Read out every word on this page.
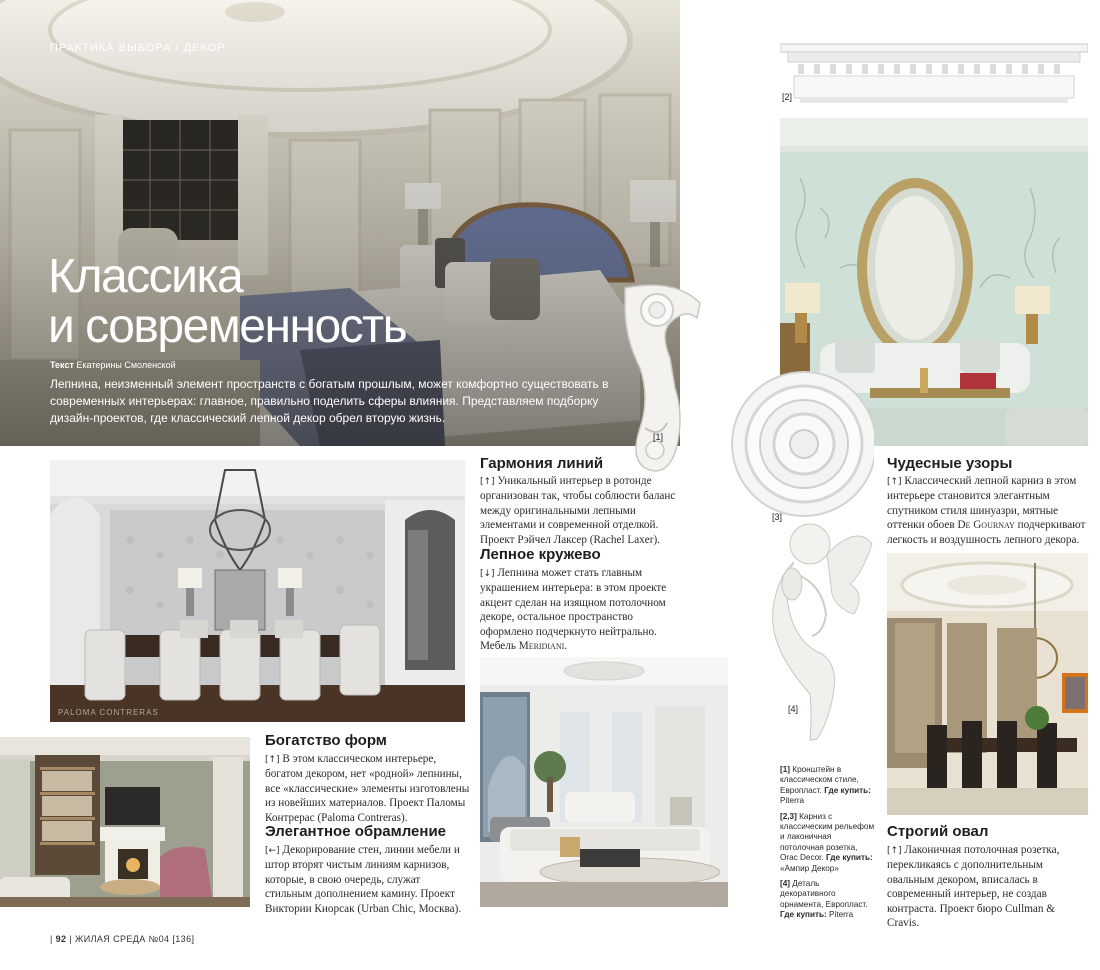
ПРАКТИКА ВЫБОРА / ДЕКОР
Классика
и современность
Текст Екатерины Смоленской

Лепнина, неизменный элемент пространств с богатым прошлым, может комфортно существовать в современных интерьерах: главное, правильно поделить сферы влияния. Представляем подборку дизайн-проектов, где классический лепной декор обрел вторую жизнь.

[2]
[1]
[3]
[4]
PALOMA CONTRERAS
Гармония линий

[↑] Уникальный интерьер в ротонде организован так, чтобы соблюсти баланс между оригинальными лепными элементами и современной отделкой. Проект Рэйчел Лаксер (Rachel Laxer).

Лепное кружево

[↓] Лепнина может стать главным украшением интерьера: в этом проекте акцент сделан на изящном потолочном декоре, остальное пространство оформлено подчеркнуто нейтрально. Мебель Meridiani.

Чудесные узоры

[↑] Классический лепной карниз в этом интерьере становится элегантным спутником стиля шинуазри, мятные оттенки обоев De Gournay подчеркивают легкость и воздушность лепного декора.

Богатство форм

[↑] В этом классическом интерьере, богатом декором, нет «родной» лепнины, все «классические» элементы изготовлены из новейших материалов. Проект Паломы Контрерас (Paloma Contreras).

Элегантное обрамление

[←] Декорирование стен, линии мебели и штор вторят чистым линиям карнизов, которые, в свою очередь, служат стильным дополнением камину. Проект Виктории Киорсак (Urban Chic, Москва).

Строгий овал

[↑] Лаконичная потолочная розетка, перекликаясь с дополнительным овальным декором, вписалась в современный интерьер, не создав контраста. Проект бюро Cullman & Cravis.

[1] Кронштейн в классическом стиле, Европласт. Где купить: Piterra

[2,3] Карниз с классическим рельефом и лаконичная потолочная розетка, Orac Decor. Где купить: «Ампир Декор»

[4] Деталь декоративного орнамента, Европласт. Где купить: Piterra

| 92 | ЖИЛАЯ СРЕДА №04 [136]
